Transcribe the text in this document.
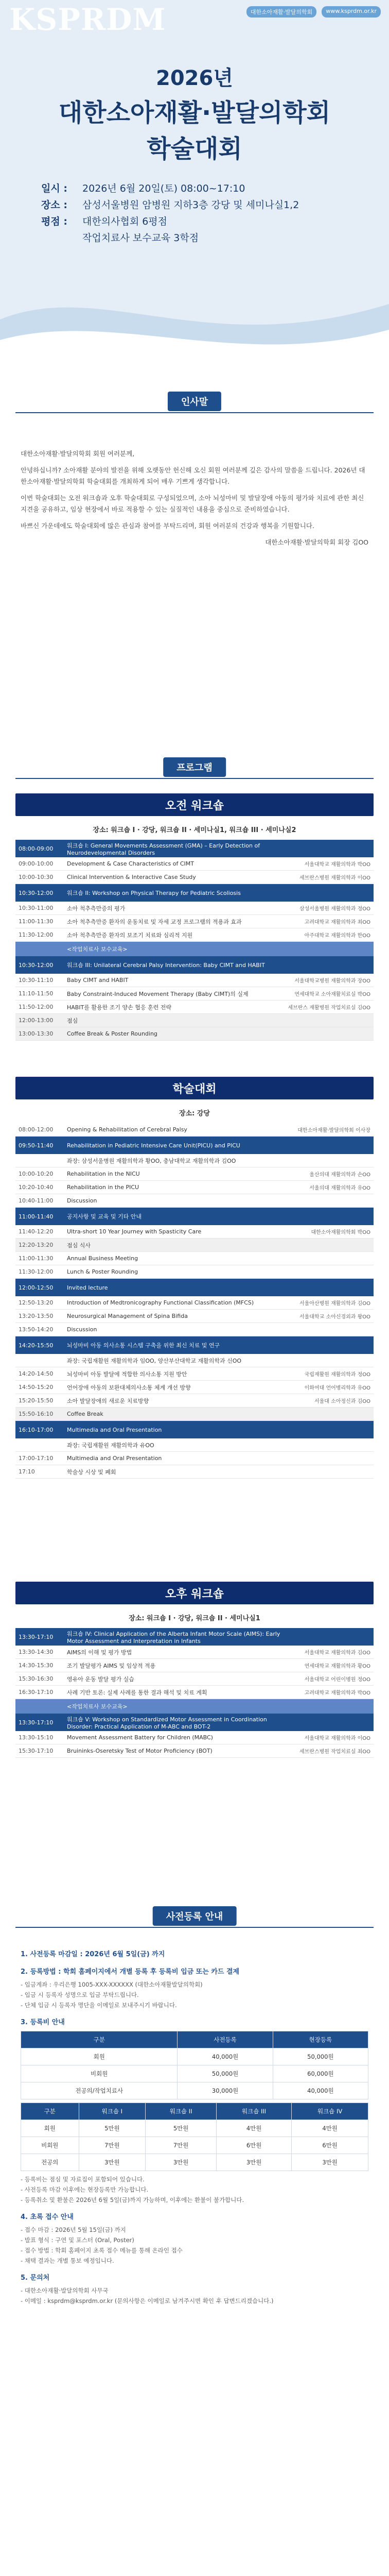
KSPRDM	대한소아재활·발달의학회	www.ksprdm.or.kr
2026년
대한소아재활·발달의학회
학술대회
일시 : 2026년 6월 20일(토) 08:00~17:10
장소 : 삼성서울병원 암병원 지하3층 강당 및 세미나실1,2
평점 : 대한의사협회 6평점
작업치료사 보수교육 3학점
인사말

대한소아재활·발달의학회 회원 여러분께,

안녕하십니까? 소아재활 분야의 발전을 위해 오랫동안 헌신해 오신 회원 여러분께 깊은 감사의 말씀을 드립니다. 2026년 대한소아재활·발달의학회 학술대회를 개최하게 되어 매우 기쁘게 생각합니다.

이번 학술대회는 오전 워크숍과 오후 학술대회로 구성되었으며, 소아 뇌성마비 및 발달장애 아동의 평가와 치료에 관한 최신 지견을 공유하고, 임상 현장에서 바로 적용할 수 있는 실질적인 내용을 중심으로 준비하였습니다.

바쁘신 가운데에도 학술대회에 많은 관심과 참여를 부탁드리며, 회원 여러분의 건강과 행복을 기원합니다.

대한소아재활·발달의학회 회장 김OO

프로그램
오전 워크숍
장소: 워크숍 I · 강당, 워크숍 II · 세미나실1, 워크숍 III · 세미나실2
08:00-09:00	워크숍 I: General Movements Assessment (GMA) – Early Detection of Neurodevelopmental Disorders
09:00-10:00	Development & Case Characteristics of CIMT	서울대학교 재활의학과 박OO
10:00-10:30	Clinical Intervention & Interactive Case Study	세브란스병원 재활의학과 이OO
10:30-12:00	워크숍 II: Workshop on Physical Therapy for Pediatric Scoliosis
10:30-11:00	소아 척추측만증의 평가	삼성서울병원 재활의학과 정OO
11:00-11:30	소아 척추측만증 환자의 운동치료 및 자세 교정 프로그램의 적용과 효과	고려대학교 재활의학과 최OO
11:30-12:00	소아 척추측만증 환자의 보조기 치료와 심리적 지원	아주대학교 재활의학과 한OO
<작업치료사 보수교육>
10:30-12:00	워크숍 III: Unilateral Cerebral Palsy Intervention: Baby CIMT and HABIT
10:30-11:10	Baby CIMT and HABIT	서울대학교병원 재활의학과 장OO
11:10-11:50	Baby Constraint-Induced Movement Therapy (Baby CIMT)의 실제	연세대학교 소아재활치료실 박OO
11:50-12:00	HABIT를 활용한 조기 양손 협응 훈련 전략	세브란스 재활병원 작업치료실 김OO
12:00-13:00	점심
13:00-13:30	Coffee Break & Poster Rounding
학술대회
장소: 강당
08:00-12:00	Opening & Rehabilitation of Cerebral Palsy	대한소아재활·발달의학회 이사장
09:50-11:40	Rehabilitation in Pediatric Intensive Care Unit(PICU) and PICU
좌장: 삼성서울병원 재활의학과 황OO, 충남대학교 재활의학과 김OO
10:00-10:20	Rehabilitation in the NICU	울산의대 재활의학과 손OO
10:20-10:40	Rehabilitation in the PICU	서울의대 재활의학과 유OO
10:40-11:00	Discussion
11:00-11:40	공지사항 및 교육 및 기타 안내
11:40-12:20	Ultra-short 10 Year Journey with Spasticity Care	대한소아재활의학회 박OO
12:20-13:20	점심 식사
11:00-11:30	Annual Business Meeting
11:30-12:00	Lunch & Poster Rounding
12:00-12:50	Invited lecture
12:50-13:20	Introduction of Medtronicography Functional Classification (MFCS)	서울아산병원 재활의학과 김OO
13:20-13:50	Neurosurgical Management of Spina Bifida	서울대학교 소아신경외과 왕OO
13:50-14:20	Discussion
14:20-15:50	뇌성마비 아동 의사소통 시스템 구축을 위한 최신 치료 및 연구
좌장: 국립재활원 재활의학과 임OO, 양산부산대학교 재활의학과 신OO
14:20-14:50	뇌성마비 아동 발달에 적합한 의사소통 지원 방안	국립재활원 재활의학과 정OO
14:50-15:20	언어장애 아동의 보완대체의사소통 체계 개선 방향	이화여대 언어병리학과 유OO
15:20-15:50	소아 발달장애의 새로운 치료방향	서울대 소아정신과 김OO
15:50-16:10	Coffee Break
16:10-17:00	Multimedia and Oral Presentation
좌장: 국립재활원 재활의학과 유OO
17:00-17:10	Multimedia and Oral Presentation
17:10	학술상 시상 및 폐회
오후 워크숍
장소: 워크숍 I · 강당, 워크숍 II · 세미나실1
13:30-17:10	워크숍 IV: Clinical Application of the Alberta Infant Motor Scale (AIMS): Early Motor Assessment and Interpretation in Infants
13:30-14:30	AIMS의 이해 및 평가 방법	서울대학교 재활의학과 김OO
14:30-15:30	조기 발달평가 AIMS 및 임상적 적용	연세대학교 재활의학과 황OO
15:30-16:30	영유아 운동 발달 평가 실습	서울대학교 어린이병원 정OO
16:30-17:10	사례 기반 토론: 실제 사례를 통한 결과 해석 및 치료 계획	고려대학교 재활의학과 박OO
<작업치료사 보수교육>
13:30-17:10	워크숍 V: Workshop on Standardized Motor Assessment in Coordination Disorder: Practical Application of M-ABC and BOT-2
13:30-15:10	Movement Assessment Battery for Children (MABC)	서울대학교 재활의학과 이OO
15:30-17:10	Bruininks-Oseretsky Test of Motor Proficiency (BOT)	세브란스병원 작업치료실 최OO
사전등록 안내
1. 사전등록 마감일 : 2026년 6월 5일(금) 까지
2. 등록방법 : 학회 홈페이지에서 개별 등록 후 등록비 입금 또는 카드 결제
- 입금계좌 : 우리은행 1005-XXX-XXXXXX (대한소아재활발달의학회)
- 입금 시 등록자 성명으로 입금 부탁드립니다.
- 단체 입금 시 등록자 명단을 이메일로 보내주시기 바랍니다.
3. 등록비 안내
구분	사전등록	현장등록
회원	40,000원	50,000원
비회원	50,000원	60,000원
전공의/작업치료사	30,000원	40,000원
구분	워크숍 I	워크숍 II	워크숍 III	워크숍 IV
회원	5만원	5만원	4만원	4만원
비회원	7만원	7만원	6만원	6만원
전공의	3만원	3만원	3만원	3만원
- 등록비는 점심 및 자료집이 포함되어 있습니다.
- 사전등록 마감 이후에는 현장등록만 가능합니다.
- 등록취소 및 환불은 2026년 6월 5일(금)까지 가능하며, 이후에는 환불이 불가합니다.
4. 초록 접수 안내
- 접수 마감 : 2026년 5월 15일(금) 까지
- 발표 형식 : 구연 및 포스터 (Oral, Poster)
- 접수 방법 : 학회 홈페이지 초록 접수 메뉴를 통해 온라인 접수
- 채택 결과는 개별 통보 예정입니다.
5. 문의처
- 대한소아재활·발달의학회 사무국
- 이메일 : ksprdm@ksprdm.or.kr (문의사항은 이메일로 남겨주시면 확인 후 답변드리겠습니다.)
